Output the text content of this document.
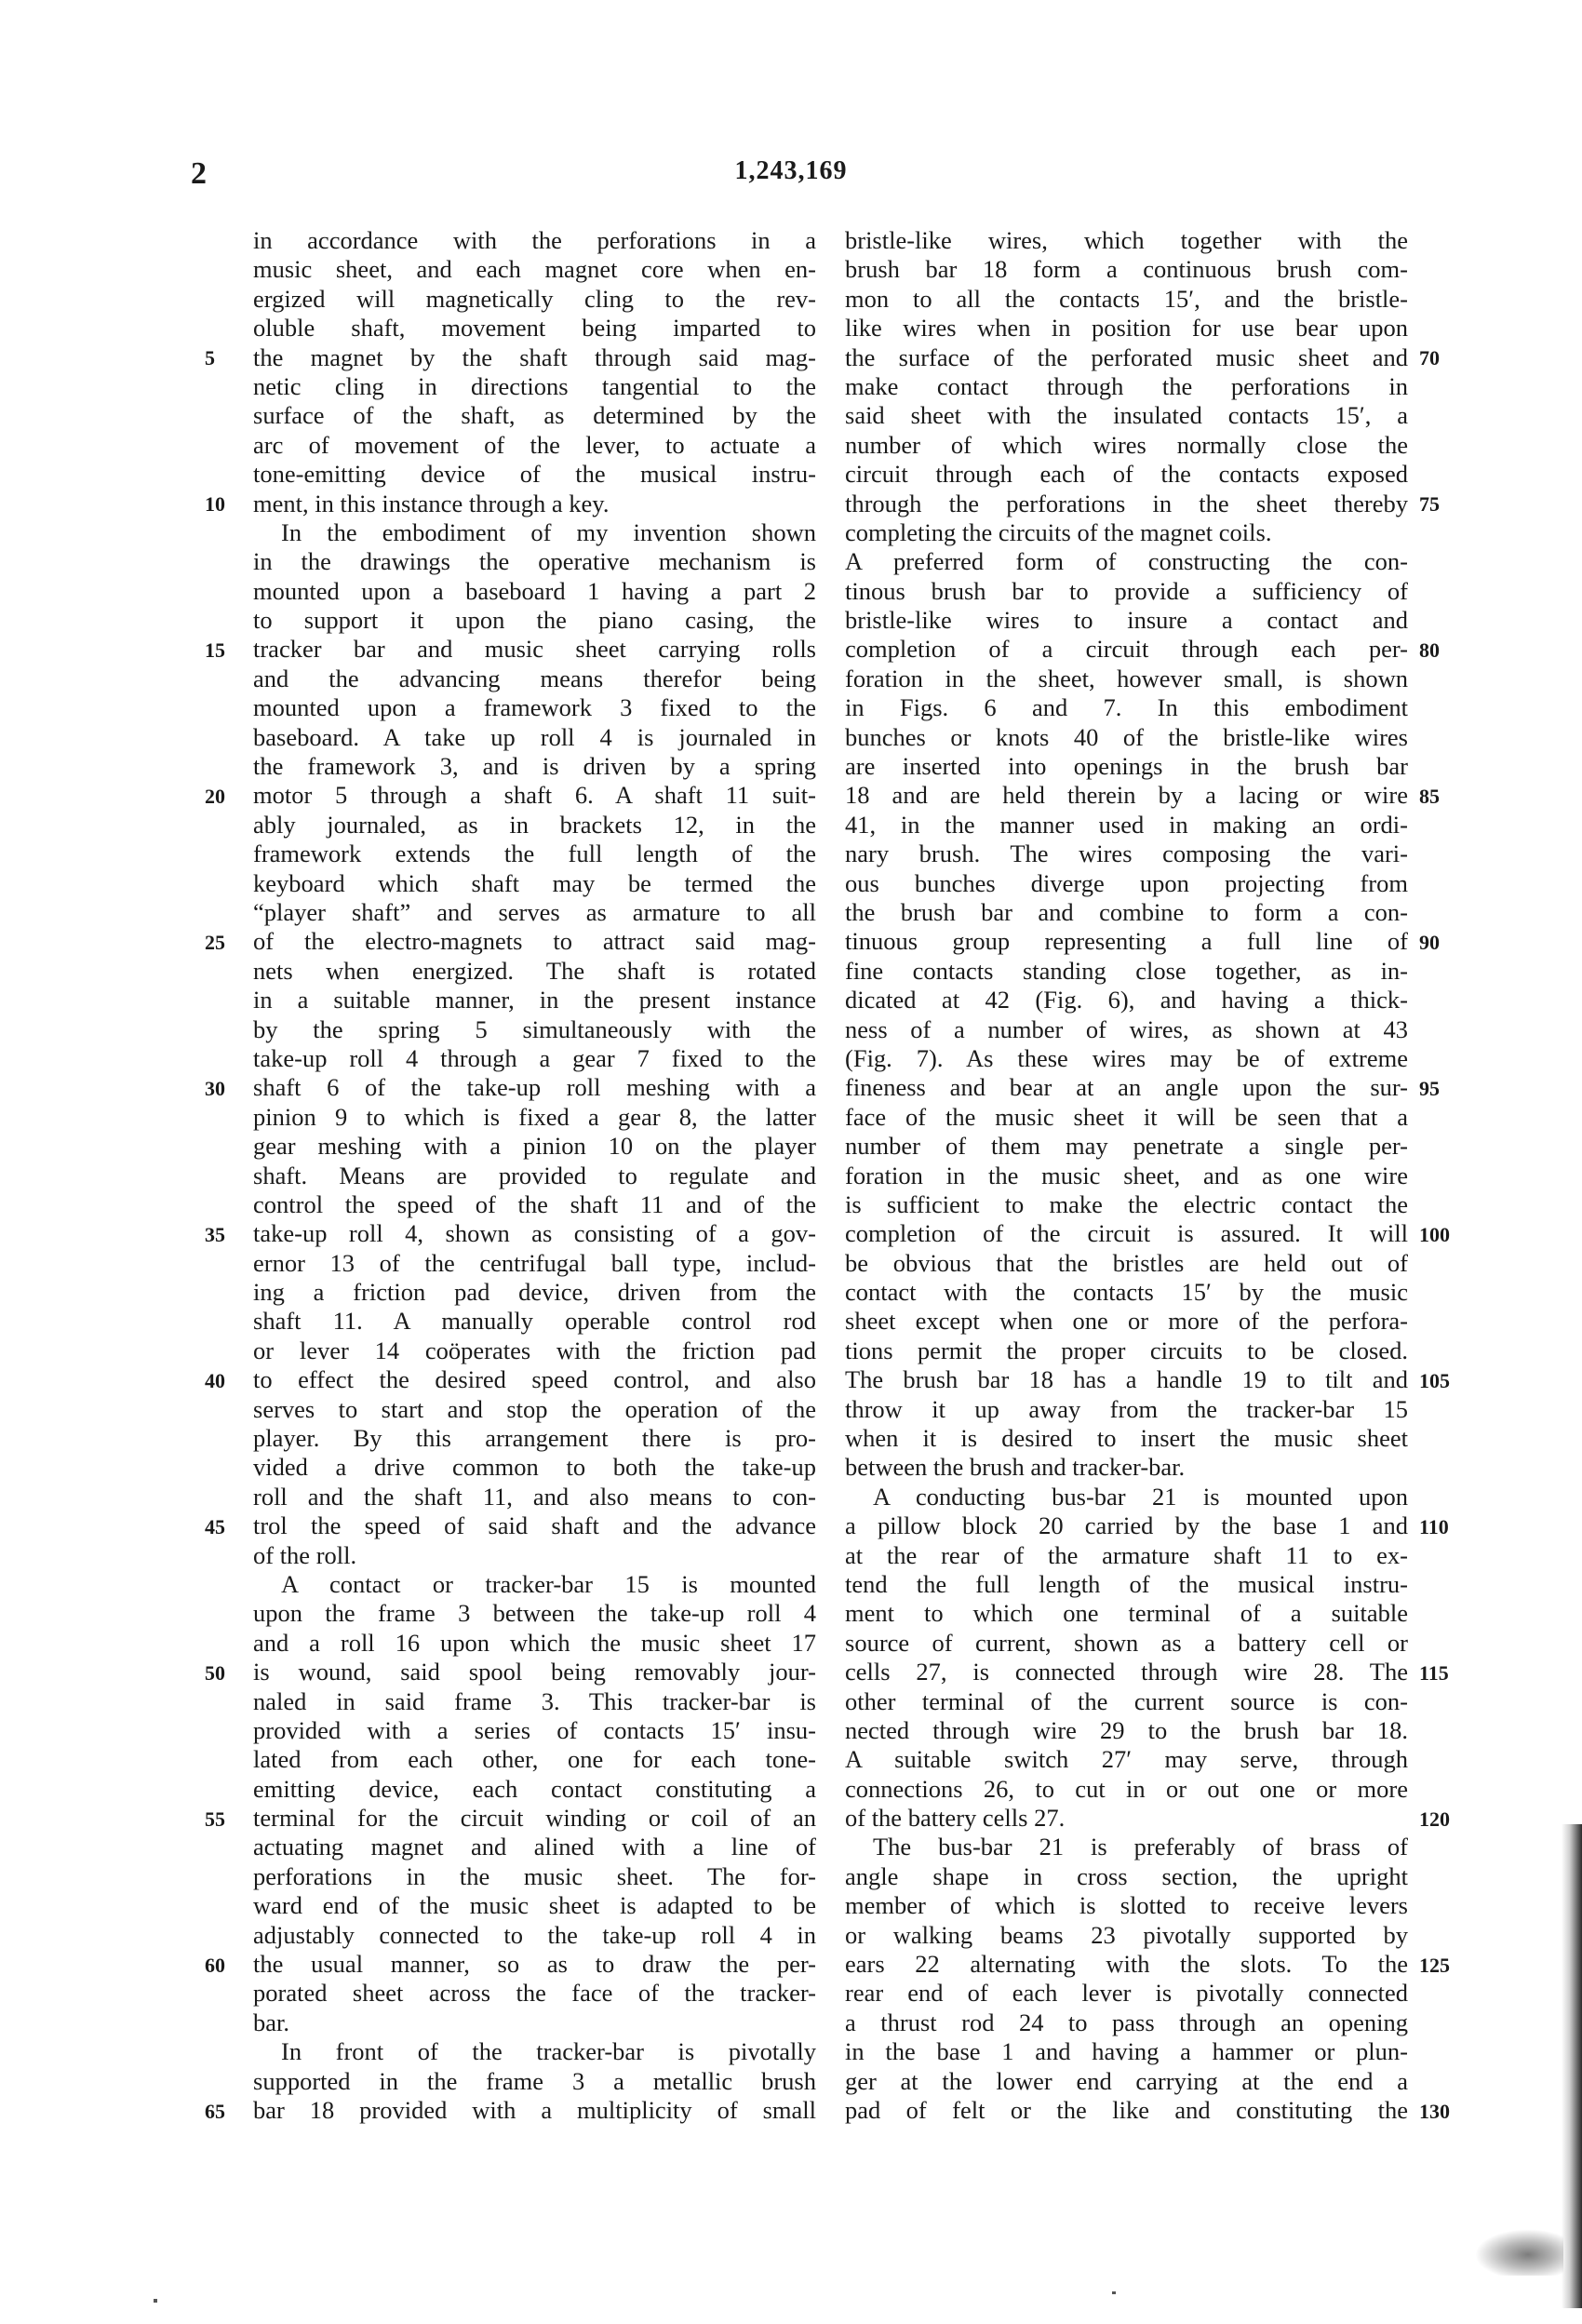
2	1,243,169
in accordance with the perforations in a
music sheet, and each magnet core when en-
ergized will magnetically cling to the rev-
oluble shaft, movement being imparted to
the magnet by the shaft through said mag-
netic cling in directions tangential to the
surface of the shaft, as determined by the
arc of movement of the lever, to actuate a
tone-emitting device of the musical instru-
ment, in this instance through a key.
In the embodiment of my invention shown
in the drawings the operative mechanism is
mounted upon a baseboard 1 having a part 2
to support it upon the piano casing, the
tracker bar and music sheet carrying rolls
and the advancing means therefor being
mounted upon a framework 3 fixed to the
baseboard. A take up roll 4 is journaled in
the framework 3, and is driven by a spring
motor 5 through a shaft 6. A shaft 11 suit-
ably journaled, as in brackets 12, in the
framework extends the full length of the
keyboard which shaft may be termed the
“player shaft” and serves as armature to all
of the electro-magnets to attract said mag-
nets when energized. The shaft is rotated
in a suitable manner, in the present instance
by the spring 5 simultaneously with the
take-up roll 4 through a gear 7 fixed to the
shaft 6 of the take-up roll meshing with a
pinion 9 to which is fixed a gear 8, the latter
gear meshing with a pinion 10 on the player
shaft. Means are provided to regulate and
control the speed of the shaft 11 and of the
take-up roll 4, shown as consisting of a gov-
ernor 13 of the centrifugal ball type, includ-
ing a friction pad device, driven from the
shaft 11. A manually operable control rod
or lever 14 coöperates with the friction pad
to effect the desired speed control, and also
serves to start and stop the operation of the
player. By this arrangement there is pro-
vided a drive common to both the take-up
roll and the shaft 11, and also means to con-
trol the speed of said shaft and the advance
of the roll.
A contact or tracker-bar 15 is mounted
upon the frame 3 between the take-up roll 4
and a roll 16 upon which the music sheet 17
is wound, said spool being removably jour-
naled in said frame 3. This tracker-bar is
provided with a series of contacts 15′ insu-
lated from each other, one for each tone-
emitting device, each contact constituting a
terminal for the circuit winding or coil of an
actuating magnet and alined with a line of
perforations in the music sheet. The for-
ward end of the music sheet is adapted to be
adjustably connected to the take-up roll 4 in
the usual manner, so as to draw the per-
porated sheet across the face of the tracker-
bar.
In front of the tracker-bar is pivotally
supported in the frame 3 a metallic brush
bar 18 provided with a multiplicity of small
bristle-like wires, which together with the
brush bar 18 form a continuous brush com-
mon to all the contacts 15′, and the bristle-
like wires when in position for use bear upon
the surface of the perforated music sheet and
make contact through the perforations in
said sheet with the insulated contacts 15′, a
number of which wires normally close the
circuit through each of the contacts exposed
through the perforations in the sheet thereby
completing the circuits of the magnet coils.
A preferred form of constructing the con-
tinous brush bar to provide a sufficiency of
bristle-like wires to insure a contact and
completion of a circuit through each per-
foration in the sheet, however small, is shown
in Figs. 6 and 7. In this embodiment
bunches or knots 40 of the bristle-like wires
are inserted into openings in the brush bar
18 and are held therein by a lacing or wire
41, in the manner used in making an ordi-
nary brush. The wires composing the vari-
ous bunches diverge upon projecting from
the brush bar and combine to form a con-
tinuous group representing a full line of
fine contacts standing close together, as in-
dicated at 42 (Fig. 6), and having a thick-
ness of a number of wires, as shown at 43
(Fig. 7). As these wires may be of extreme
fineness and bear at an angle upon the sur-
face of the music sheet it will be seen that a
number of them may penetrate a single per-
foration in the music sheet, and as one wire
is sufficient to make the electric contact the
completion of the circuit is assured. It will
be obvious that the bristles are held out of
contact with the contacts 15′ by the music
sheet except when one or more of the perfora-
tions permit the proper circuits to be closed.
The brush bar 18 has a handle 19 to tilt and
throw it up away from the tracker-bar 15
when it is desired to insert the music sheet
between the brush and tracker-bar.
A conducting bus-bar 21 is mounted upon
a pillow block 20 carried by the base 1 and
at the rear of the armature shaft 11 to ex-
tend the full length of the musical instru-
ment to which one terminal of a suitable
source of current, shown as a battery cell or
cells 27, is connected through wire 28. The
other terminal of the current source is con-
nected through wire 29 to the brush bar 18.
A suitable switch 27′ may serve, through
connections 26, to cut in or out one or more
of the battery cells 27.
The bus-bar 21 is preferably of brass of
angle shape in cross section, the upright
member of which is slotted to receive levers
or walking beams 23 pivotally supported by
ears 22 alternating with the slots. To the
rear end of each lever is pivotally connected
a thrust rod 24 to pass through an opening
in the base 1 and having a hammer or plun-
ger at the lower end carrying at the end a
pad of felt or the like and constituting the
5
10
15
20
25
30
35
40
45
50
55
60
65
70
75
80
85
90
95
100
105
110
115
120
125
130
